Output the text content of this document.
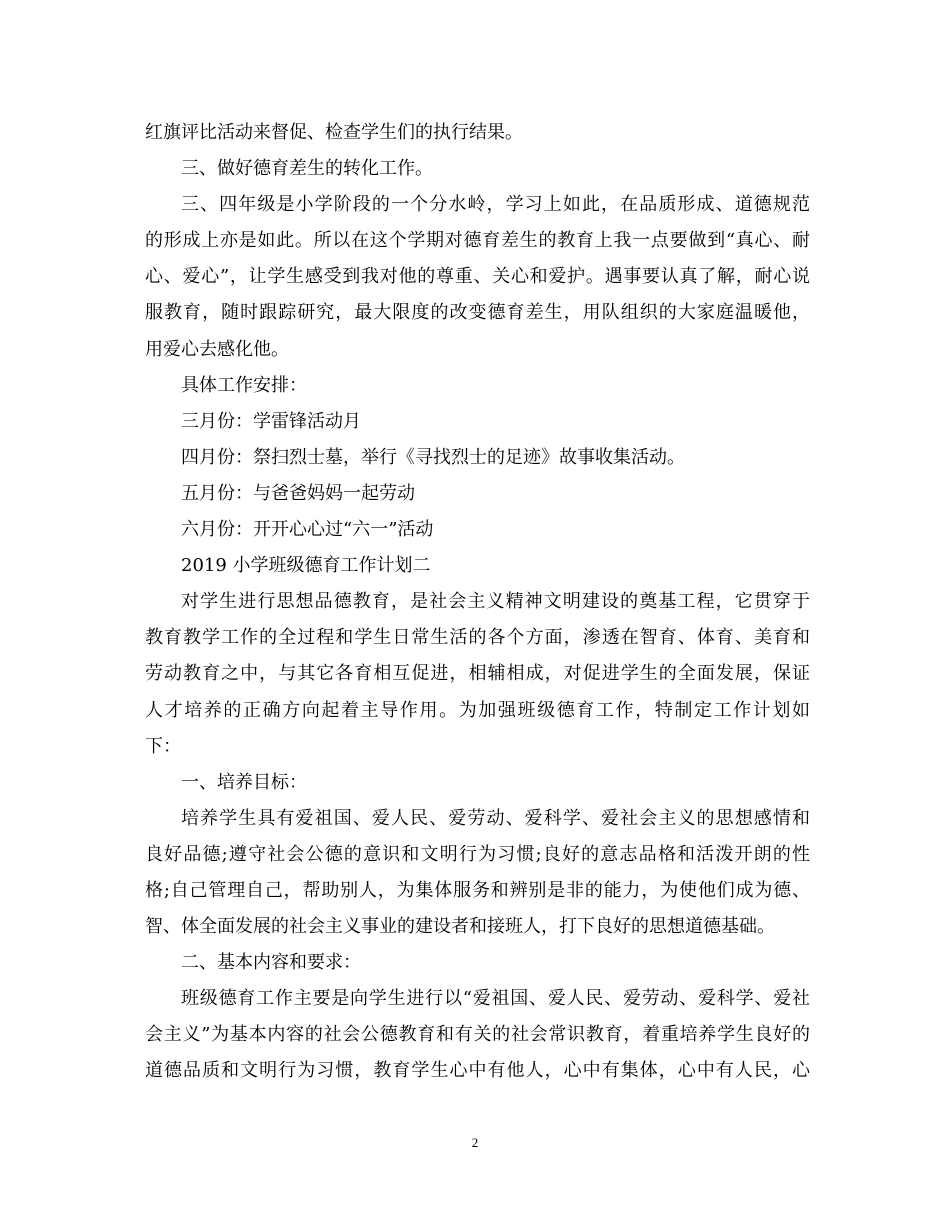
红旗评比活动来督促、检查学生们的执行结果。
三、做好德育差生的转化工作。
三、四年级是小学阶段的一个分水岭，学习上如此，在品质形成、道德规范
的形成上亦是如此。所以在这个学期对德育差生的教育上我一点要做到“真心、耐
心、爱心”，让学生感受到我对他的尊重、关心和爱护。遇事要认真了解，耐心说
服教育，随时跟踪研究，最大限度的改变德育差生，用队组织的大家庭温暖他，
用爱心去感化他。
具体工作安排：
三月份：学雷锋活动月
四月份：祭扫烈士墓，举行《寻找烈士的足迹》故事收集活动。
五月份：与爸爸妈妈一起劳动
六月份：开开心心过“六一”活动
2019 小学班级德育工作计划二
对学生进行思想品德教育，是社会主义精神文明建设的奠基工程，它贯穿于
教育教学工作的全过程和学生日常生活的各个方面，渗透在智育、体育、美育和
劳动教育之中，与其它各育相互促进，相辅相成，对促进学生的全面发展，保证
人才培养的正确方向起着主导作用。为加强班级德育工作，特制定工作计划如
下：
一、培养目标：
培养学生具有爱祖国、爱人民、爱劳动、爱科学、爱社会主义的思想感情和
良好品德;遵守社会公德的意识和文明行为习惯;良好的意志品格和活泼开朗的性
格;自己管理自己，帮助别人，为集体服务和辨别是非的能力，为使他们成为德、
智、体全面发展的社会主义事业的建设者和接班人，打下良好的思想道德基础。
二、基本内容和要求：
班级德育工作主要是向学生进行以“爱祖国、爱人民、爱劳动、爱科学、爱社
会主义”为基本内容的社会公德教育和有关的社会常识教育，着重培养学生良好的
道德品质和文明行为习惯，教育学生心中有他人，心中有集体，心中有人民，心
2
